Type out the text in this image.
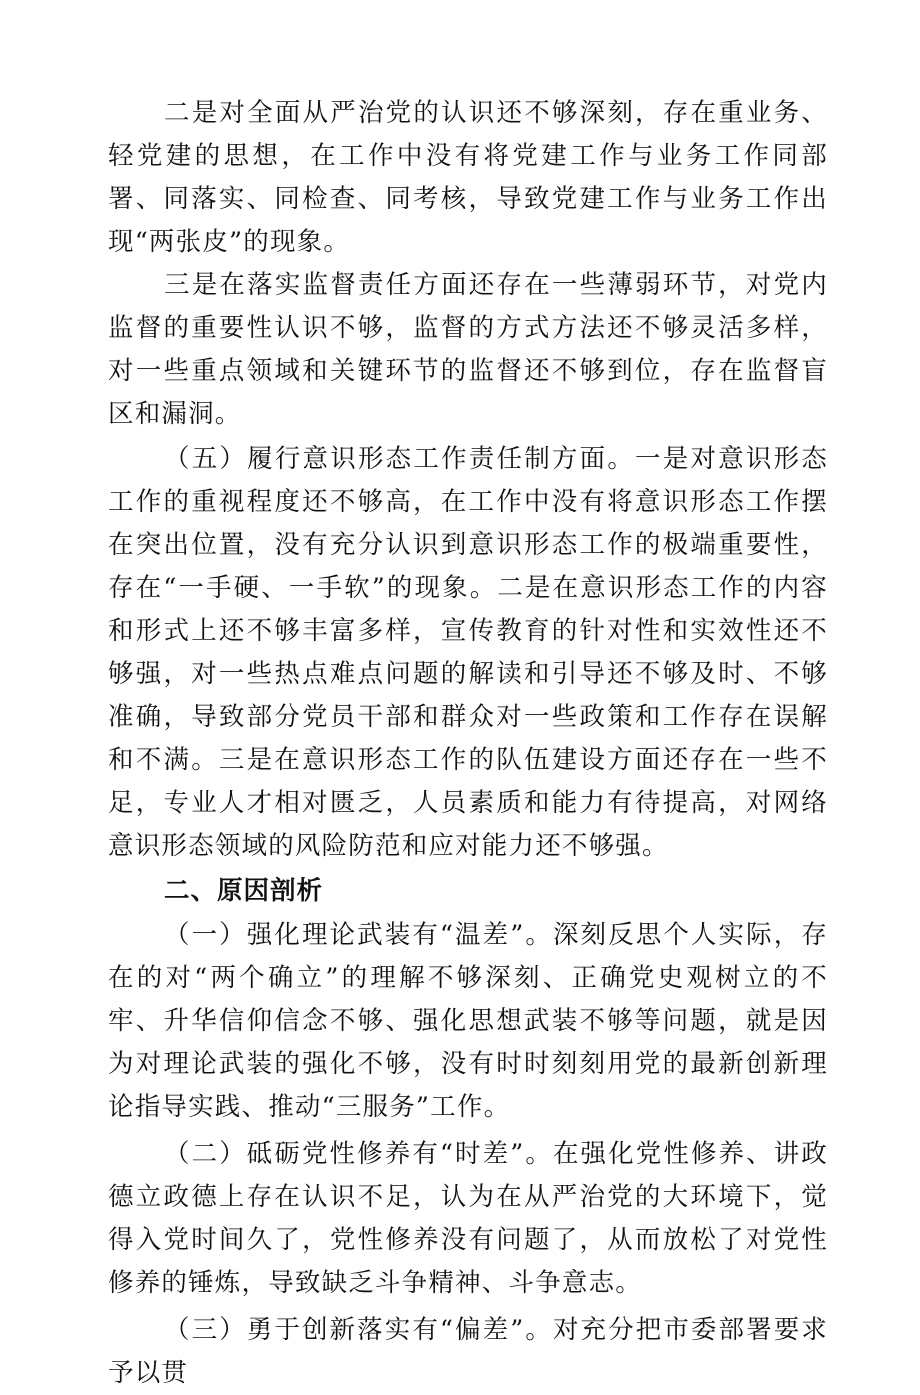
二是对全面从严治党的认识还不够深刻，存在重业务、轻党建的思想，在工作中没有将党建工作与业务工作同部署、同落实、同检查、同考核，导致党建工作与业务工作出现“两张皮”的现象。

三是在落实监督责任方面还存在一些薄弱环节，对党内监督的重要性认识不够，监督的方式方法还不够灵活多样，对一些重点领域和关键环节的监督还不够到位，存在监督盲区和漏洞。

（五）履行意识形态工作责任制方面。一是对意识形态工作的重视程度还不够高，在工作中没有将意识形态工作摆在突出位置，没有充分认识到意识形态工作的极端重要性，存在“一手硬、一手软”的现象。二是在意识形态工作的内容和形式上还不够丰富多样，宣传教育的针对性和实效性还不够强，对一些热点难点问题的解读和引导还不够及时、不够准确，导致部分党员干部和群众对一些政策和工作存在误解和不满。三是在意识形态工作的队伍建设方面还存在一些不足，专业人才相对匮乏，人员素质和能力有待提高，对网络意识形态领域的风险防范和应对能力还不够强。

二、原因剖析

（一）强化理论武装有“温差”。深刻反思个人实际，存在的对“两个确立”的理解不够深刻、正确党史观树立的不牢、升华信仰信念不够、强化思想武装不够等问题，就是因为对理论武装的强化不够，没有时时刻刻用党的最新创新理论指导实践、推动“三服务”工作。

（二）砥砺党性修养有“时差”。在强化党性修养、讲政德立政德上存在认识不足，认为在从严治党的大环境下，觉得入党时间久了，党性修养没有问题了，从而放松了对党性修养的锤炼，导致缺乏斗争精神、斗争意志。

（三）勇于创新落实有“偏差”。对充分把市委部署要求予以贯
